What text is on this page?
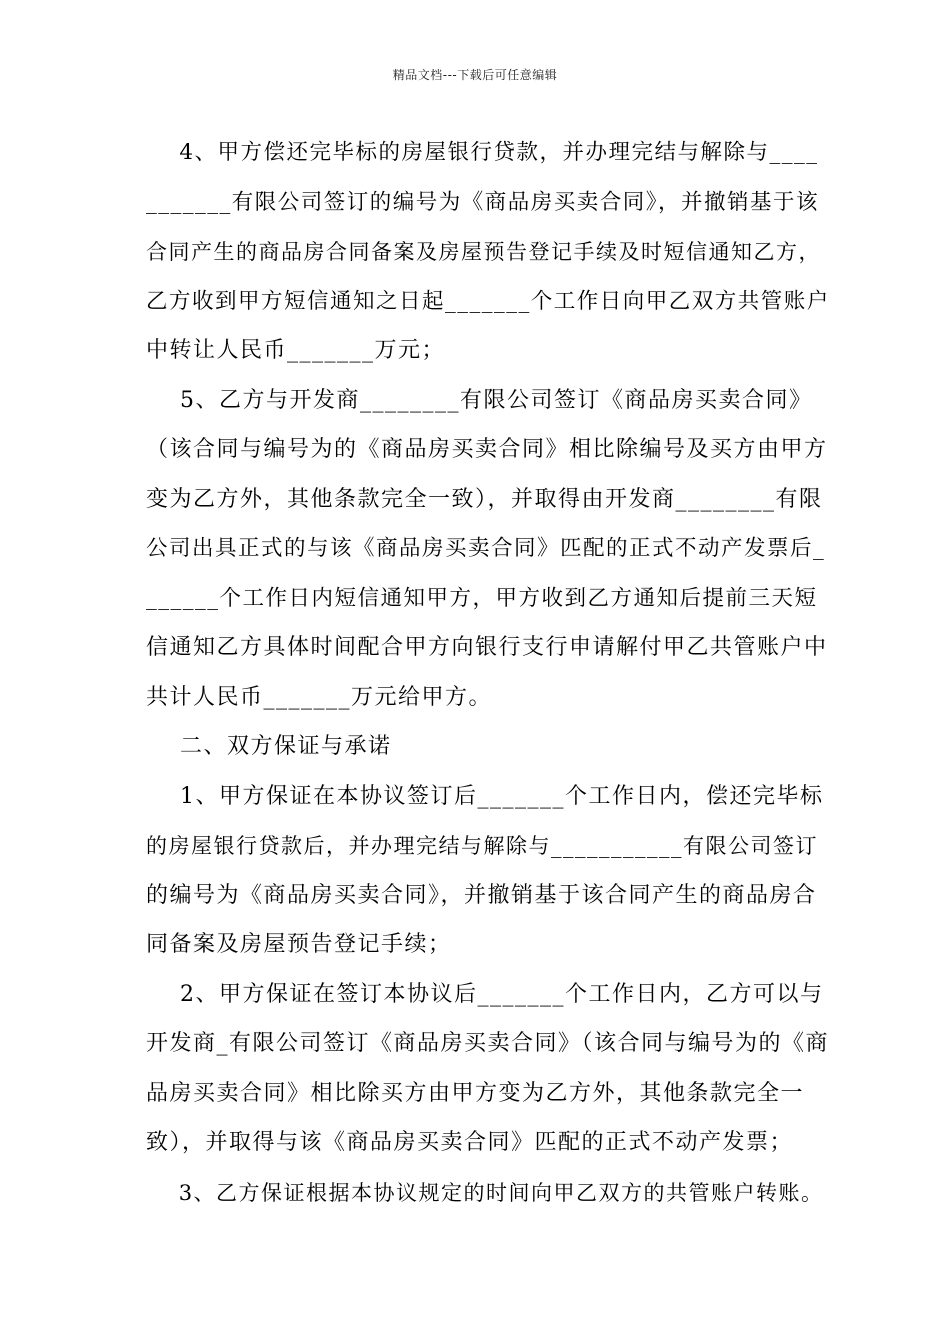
精品文档---下载后可任意编辑
4、甲方偿还完毕标的房屋银行贷款，并办理完结与解除与____
_______有限公司签订的编号为《商品房买卖合同》，并撤销基于该
合同产生的商品房合同备案及房屋预告登记手续及时短信通知乙方，
乙方收到甲方短信通知之日起_______个工作日向甲乙双方共管账户
中转让人民币_______万元；
5、乙方与开发商________有限公司签订《商品房买卖合同》
（该合同与编号为的《商品房买卖合同》相比除编号及买方由甲方
变为乙方外，其他条款完全一致），并取得由开发商________有限
公司出具正式的与该《商品房买卖合同》匹配的正式不动产发票后_
______个工作日内短信通知甲方，甲方收到乙方通知后提前三天短
信通知乙方具体时间配合甲方向银行支行申请解付甲乙共管账户中
共计人民币_______万元给甲方。
二、双方保证与承诺
1、甲方保证在本协议签订后_______个工作日内，偿还完毕标
的房屋银行贷款后，并办理完结与解除与___________有限公司签订
的编号为《商品房买卖合同》，并撤销基于该合同产生的商品房合
同备案及房屋预告登记手续；
2、甲方保证在签订本协议后_______个工作日内，乙方可以与
开发商_有限公司签订《商品房买卖合同》（该合同与编号为的《商
品房买卖合同》相比除买方由甲方变为乙方外，其他条款完全一
致），并取得与该《商品房买卖合同》匹配的正式不动产发票；
3、乙方保证根据本协议规定的时间向甲乙双方的共管账户转账。
